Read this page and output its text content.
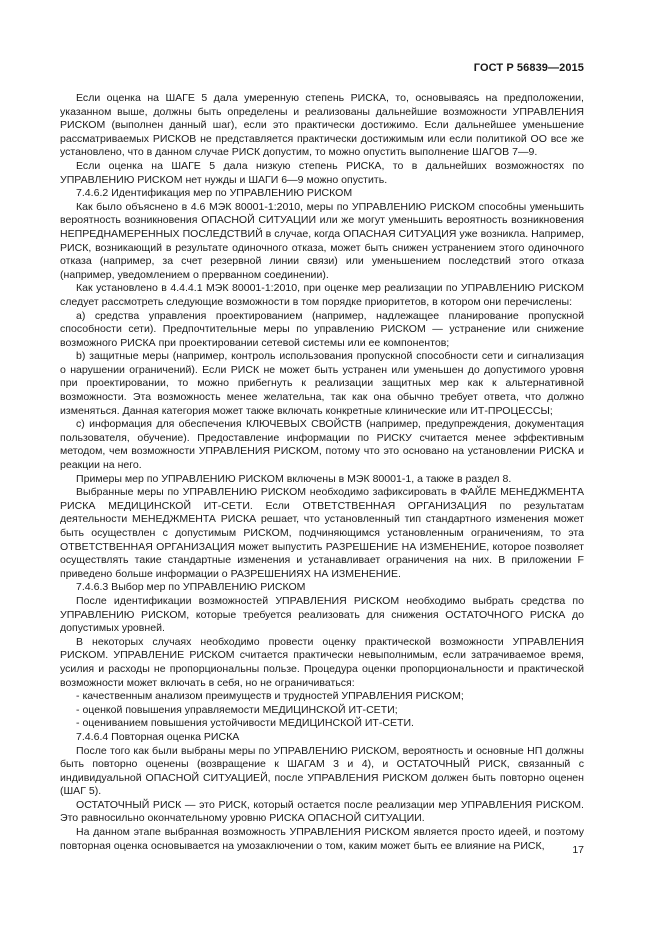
ГОСТ Р 56839—2015

Если оценка на ШАГЕ 5 дала умеренную степень РИСКА, то, основываясь на предположении, указанном выше, должны быть определены и реализованы дальнейшие возможности УПРАВЛЕНИЯ РИСКОМ (выполнен данный шаг), если это практически достижимо. Если дальнейшее уменьшение рассматриваемых РИСКОВ не представляется практически достижимым или если политикой ОО все же установлено, что в данном случае РИСК допустим, то можно опустить выполнение ШАГОВ 7—9.

Если оценка на ШАГЕ 5 дала низкую степень РИСКА, то в дальнейших возможностях по УПРАВЛЕНИЮ РИСКОМ нет нужды и ШАГИ 6—9 можно опустить.

7.4.6.2 Идентификация мер по УПРАВЛЕНИЮ РИСКОМ

Как было объяснено в 4.6 МЭК 80001-1:2010, меры по УПРАВЛЕНИЮ РИСКОМ способны уменьшить вероятность возникновения ОПАСНОЙ СИТУАЦИИ или же могут уменьшить вероятность возникновения НЕПРЕДНАМЕРЕННЫХ ПОСЛЕДСТВИЙ в случае, когда ОПАСНАЯ СИТУАЦИЯ уже возникла. Например, РИСК, возникающий в результате одиночного отказа, может быть снижен устранением этого одиночного отказа (например, за счет резервной линии связи) или уменьшением последствий этого отказа (например, уведомлением о прерванном соединении).

Как установлено в 4.4.4.1 МЭК 80001-1:2010, при оценке мер реализации по УПРАВЛЕНИЮ РИСКОМ следует рассмотреть следующие возможности в том порядке приоритетов, в котором они перечислены:

a) средства управления проектированием (например, надлежащее планирование пропускной способности сети). Предпочтительные меры по управлению РИСКОМ — устранение или снижение возможного РИСКА при проектировании сетевой системы или ее компонентов;

b) защитные меры (например, контроль использования пропускной способности сети и сигнализация о нарушении ограничений). Если РИСК не может быть устранен или уменьшен до допустимого уровня при проектировании, то можно прибегнуть к реализации защитных мер как к альтернативной возможности. Эта возможность менее желательна, так как она обычно требует ответа, что должно изменяться. Данная категория может также включать конкретные клинические или ИТ-ПРОЦЕССЫ;

c) информация для обеспечения КЛЮЧЕВЫХ СВОЙСТВ (например, предупреждения, документация пользователя, обучение). Предоставление информации по РИСКУ считается менее эффективным методом, чем возможности УПРАВЛЕНИЯ РИСКОМ, потому что это основано на установлении РИСКА и реакции на него.

Примеры мер по УПРАВЛЕНИЮ РИСКОМ включены в МЭК 80001-1, а также в раздел 8.

Выбранные меры по УПРАВЛЕНИЮ РИСКОМ необходимо зафиксировать в ФАЙЛЕ МЕНЕДЖМЕНТА РИСКА МЕДИЦИНСКОЙ ИТ-СЕТИ. Если ОТВЕТСТВЕННАЯ ОРГАНИЗАЦИЯ по результатам деятельности МЕНЕДЖМЕНТА РИСКА решает, что установленный тип стандартного изменения может быть осуществлен с допустимым РИСКОМ, подчиняющимся установленным ограничениям, то эта ОТВЕТСТВЕННАЯ ОРГАНИЗАЦИЯ может выпустить РАЗРЕШЕНИЕ НА ИЗМЕНЕНИЕ, которое позволяет осуществлять такие стандартные изменения и устанавливает ограничения на них. В приложении F приведено больше информации о РАЗРЕШЕНИЯХ НА ИЗМЕНЕНИЕ.

7.4.6.3 Выбор мер по УПРАВЛЕНИЮ РИСКОМ

После идентификации возможностей УПРАВЛЕНИЯ РИСКОМ необходимо выбрать средства по УПРАВЛЕНИЮ РИСКОМ, которые требуется реализовать для снижения ОСТАТОЧНОГО РИСКА до допустимых уровней.

В некоторых случаях необходимо провести оценку практической возможности УПРАВЛЕНИЯ РИСКОМ. УПРАВЛЕНИЕ РИСКОМ считается практически невыполнимым, если затрачиваемое время, усилия и расходы не пропорциональны пользе. Процедура оценки пропорциональности и практической возможности может включать в себя, но не ограничиваться:

- качественным анализом преимуществ и трудностей УПРАВЛЕНИЯ РИСКОМ;

- оценкой повышения управляемости МЕДИЦИНСКОЙ ИТ-СЕТИ;

- оцениванием повышения устойчивости МЕДИЦИНСКОЙ ИТ-СЕТИ.

7.4.6.4 Повторная оценка РИСКА

После того как были выбраны меры по УПРАВЛЕНИЮ РИСКОМ, вероятность и основные НП должны быть повторно оценены (возвращение к ШАГАМ 3 и 4), и ОСТАТОЧНЫЙ РИСК, связанный с индивидуальной ОПАСНОЙ СИТУАЦИЕЙ, после УПРАВЛЕНИЯ РИСКОМ должен быть повторно оценен (ШАГ 5).

ОСТАТОЧНЫЙ РИСК — это РИСК, который остается после реализации мер УПРАВЛЕНИЯ РИСКОМ. Это равносильно окончательному уровню РИСКА ОПАСНОЙ СИТУАЦИИ.

На данном этапе выбранная возможность УПРАВЛЕНИЯ РИСКОМ является просто идеей, и поэтому повторная оценка основывается на умозаключении о том, каким может быть ее влияние на РИСК,	17
